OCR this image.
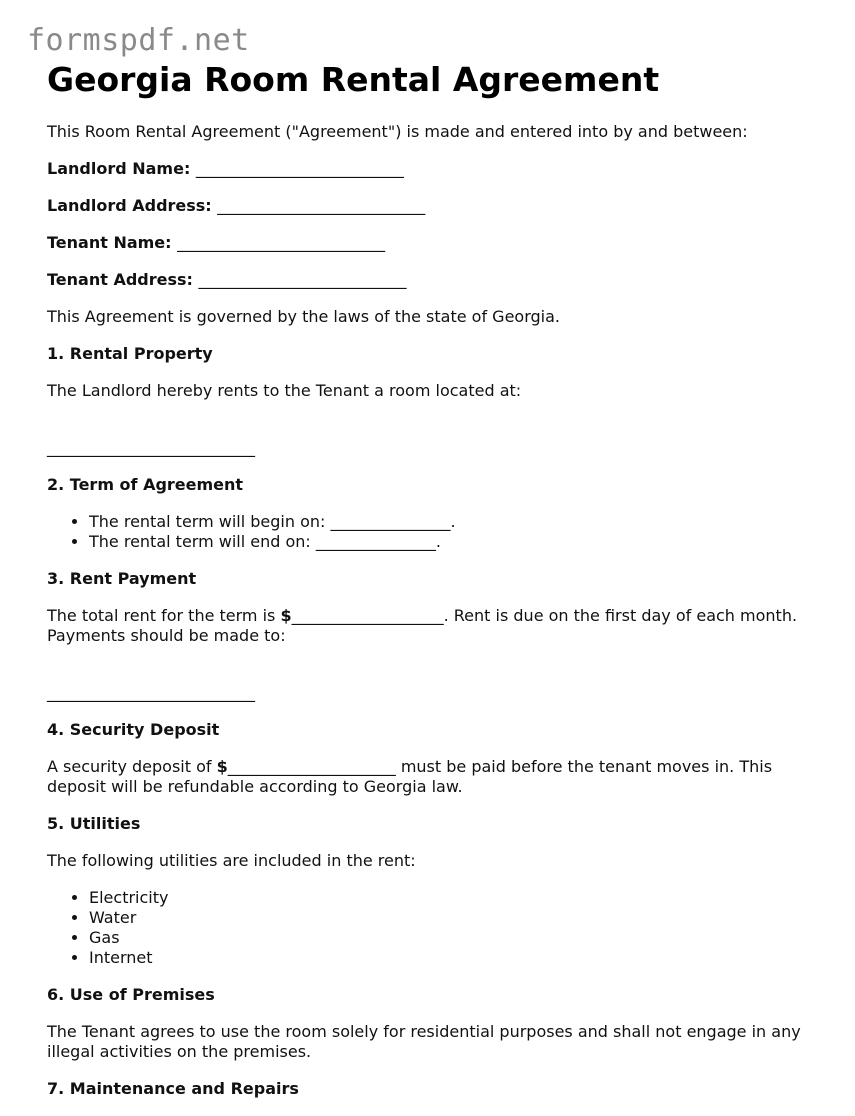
formspdf.net
Georgia Room Rental Agreement

This Room Rental Agreement ("Agreement") is made and entered into by and between:

Landlord Name: __________________________
Landlord Address: __________________________
Tenant Name: __________________________
Tenant Address: __________________________

This Agreement is governed by the laws of the state of Georgia.

1. Rental Property

The Landlord hereby rents to the Tenant a room located at:

__________________________

2. Term of Agreement
• The rental term will begin on: _______________.
• The rental term will end on: _______________.
3. Rent Payment

The total rent for the term is $___________________. Rent is due on the first day of each month. Payments should be made to:

__________________________

4. Security Deposit

A security deposit of $_____________________ must be paid before the tenant moves in. This deposit will be refundable according to Georgia law.

5. Utilities

The following utilities are included in the rent:

• Electricity
• Water
• Gas
• Internet
6. Use of Premises

The Tenant agrees to use the room solely for residential purposes and shall not engage in any illegal activities on the premises.

7. Maintenance and Repairs
